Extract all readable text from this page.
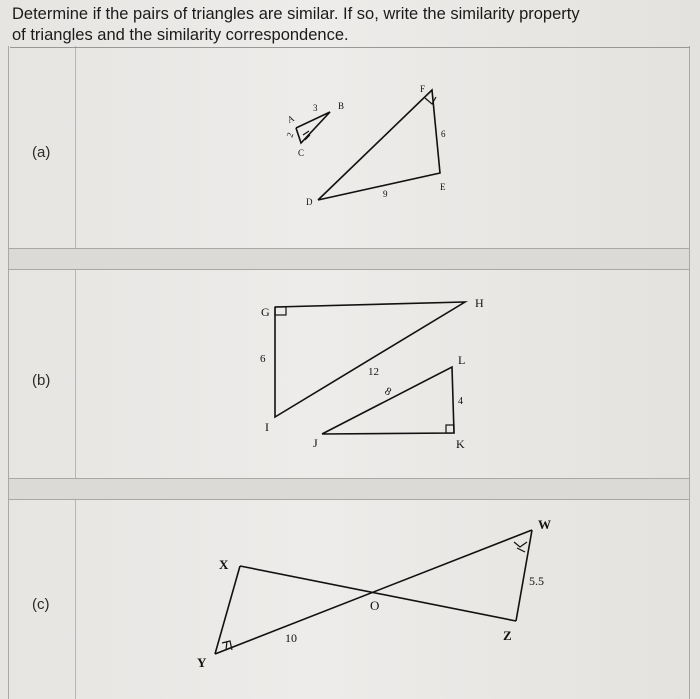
Determine if the pairs of triangles are similar. If so, write the similarity property
of triangles and the similarity correspondence.
(a)
A
B
C
3
2
F
D
E
6
9
(b)
G
H
I
6
12
L
J	K
8
4
(c)
X
Y
O
W
Z
10
5.5
